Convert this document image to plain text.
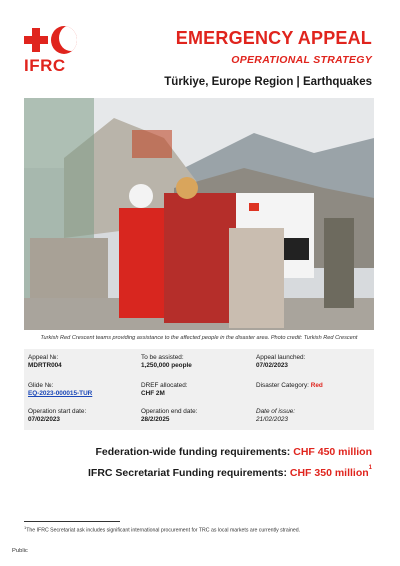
IFRC
EMERGENCY APPEAL
OPERATIONAL STRATEGY
Türkiye, Europe Region | Earthquakes
Turkish Red Crescent teams providing assistance to the affected people in the disaster area. Photo credit: Turkish Red Crescent
Appeal №:
MDRTR004
To be assisted:
1,250,000 people
Appeal launched:
07/02/2023
Glide №:
EQ-2023-000015-TUR
DREF allocated:
CHF 2M
Disaster Category: Red
Operation start date:
07/02/2023
Operation end date:
28/2/2025
Date of issue:
21/02/2023
Federation-wide funding requirements: CHF 450 million
IFRC Secretariat Funding requirements: CHF 350 million$^1$
$^1$The IFRC Secretariat ask includes significant international procurement for TRC as local markets are currently strained.
Public
